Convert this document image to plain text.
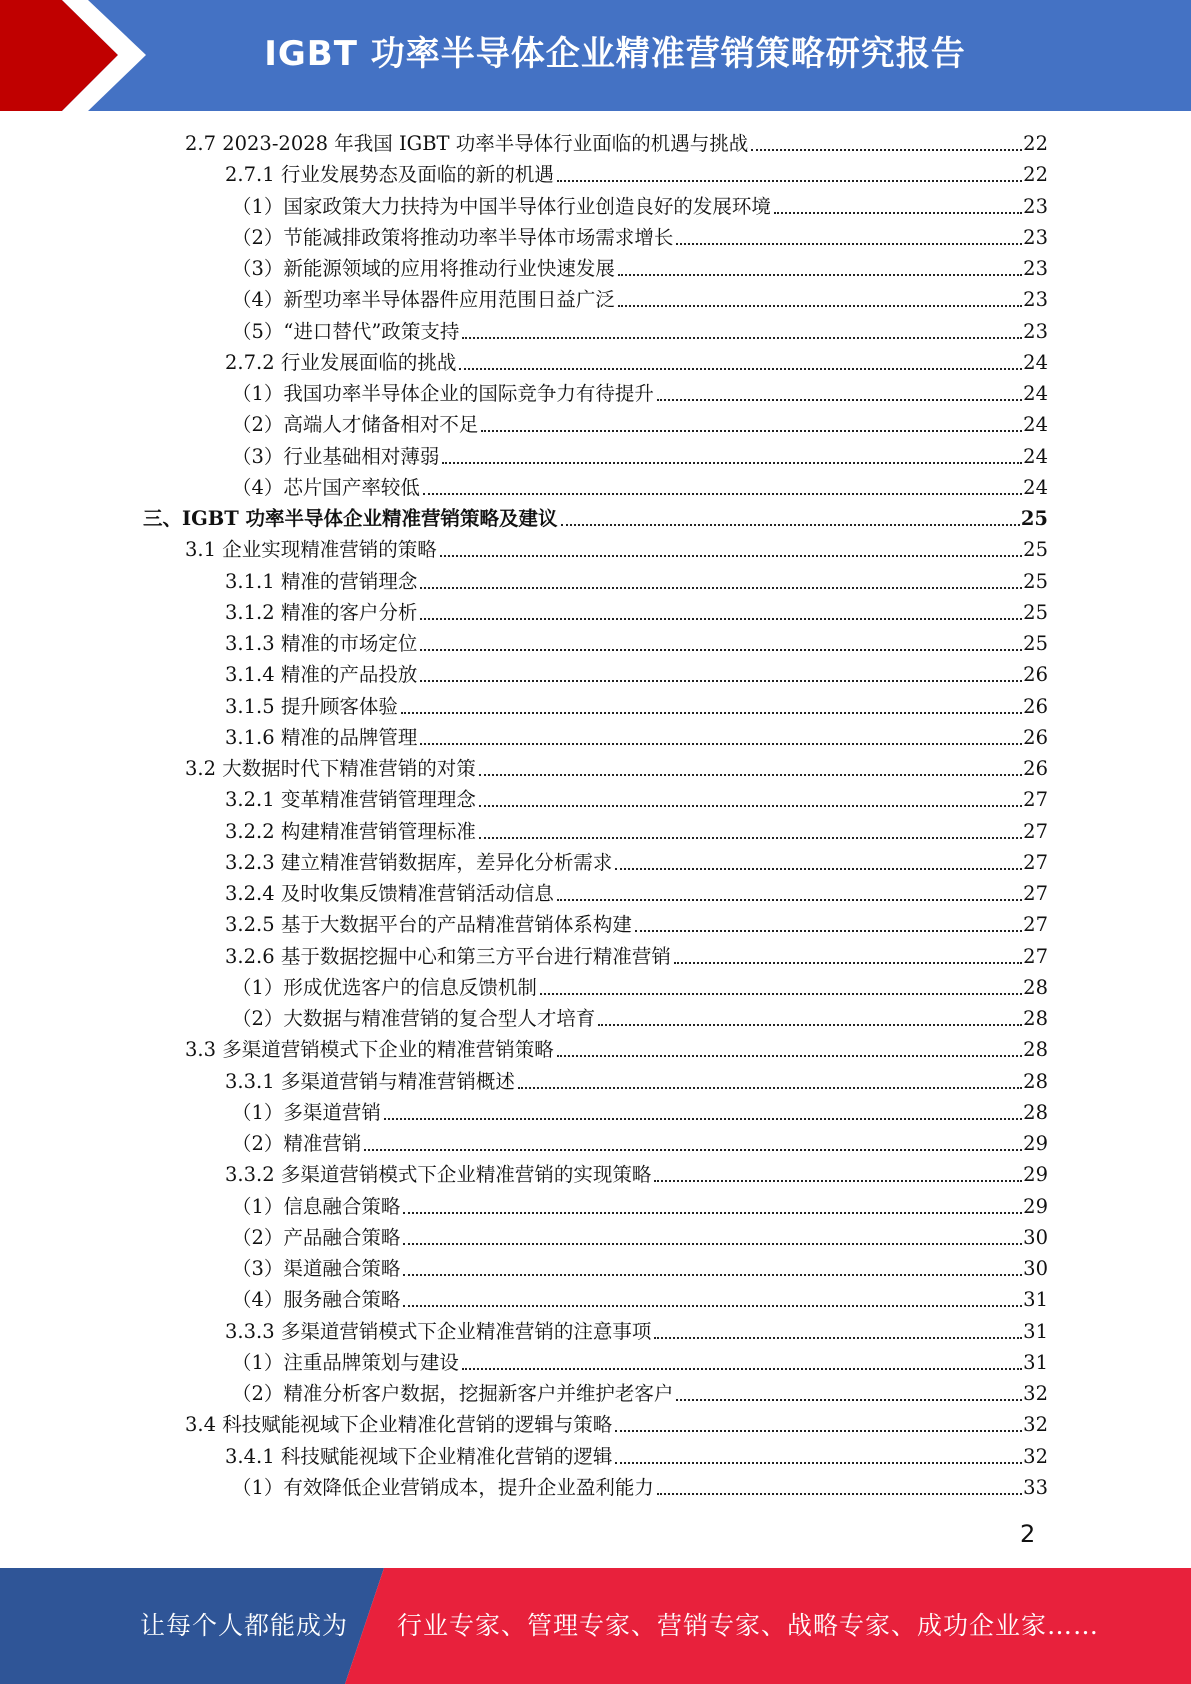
IGBT 功率半导体企业精准营销策略研究报告
2.7 2023-2028 年我国 IGBT 功率半导体行业面临的机遇与挑战	22
2.7.1 行业发展势态及面临的新的机遇	22
（1）国家政策大力扶持为中国半导体行业创造良好的发展环境	23
（2）节能减排政策将推动功率半导体市场需求增长	23
（3）新能源领域的应用将推动行业快速发展	23
（4）新型功率半导体器件应用范围日益广泛	23
（5）“进口替代”政策支持	23
2.7.2 行业发展面临的挑战	24
（1）我国功率半导体企业的国际竞争力有待提升	24
（2）高端人才储备相对不足	24
（3）行业基础相对薄弱	24
（4）芯片国产率较低	24
三、IGBT 功率半导体企业精准营销策略及建议	25
3.1 企业实现精准营销的策略	25
3.1.1 精准的营销理念	25
3.1.2 精准的客户分析	25
3.1.3 精准的市场定位	25
3.1.4 精准的产品投放	26
3.1.5 提升顾客体验	26
3.1.6 精准的品牌管理	26
3.2 大数据时代下精准营销的对策	26
3.2.1 变革精准营销管理理念	27
3.2.2 构建精准营销管理标准	27
3.2.3 建立精准营销数据库，差异化分析需求	27
3.2.4 及时收集反馈精准营销活动信息	27
3.2.5 基于大数据平台的产品精准营销体系构建	27
3.2.6 基于数据挖掘中心和第三方平台进行精准营销	27
（1）形成优选客户的信息反馈机制	28
（2）大数据与精准营销的复合型人才培育	28
3.3 多渠道营销模式下企业的精准营销策略	28
3.3.1 多渠道营销与精准营销概述	28
（1）多渠道营销	28
（2）精准营销	29
3.3.2 多渠道营销模式下企业精准营销的实现策略	29
（1）信息融合策略	29
（2）产品融合策略	30
（3）渠道融合策略	30
（4）服务融合策略	31
3.3.3 多渠道营销模式下企业精准营销的注意事项	31
（1）注重品牌策划与建设	31
（2）精准分析客户数据，挖掘新客户并维护老客户	32
3.4 科技赋能视域下企业精准化营销的逻辑与策略	32
3.4.1 科技赋能视域下企业精准化营销的逻辑	32
（1）有效降低企业营销成本，提升企业盈利能力	33
2
让每个人都能成为 行业专家、管理专家、营销专家、战略专家、成功企业家……
